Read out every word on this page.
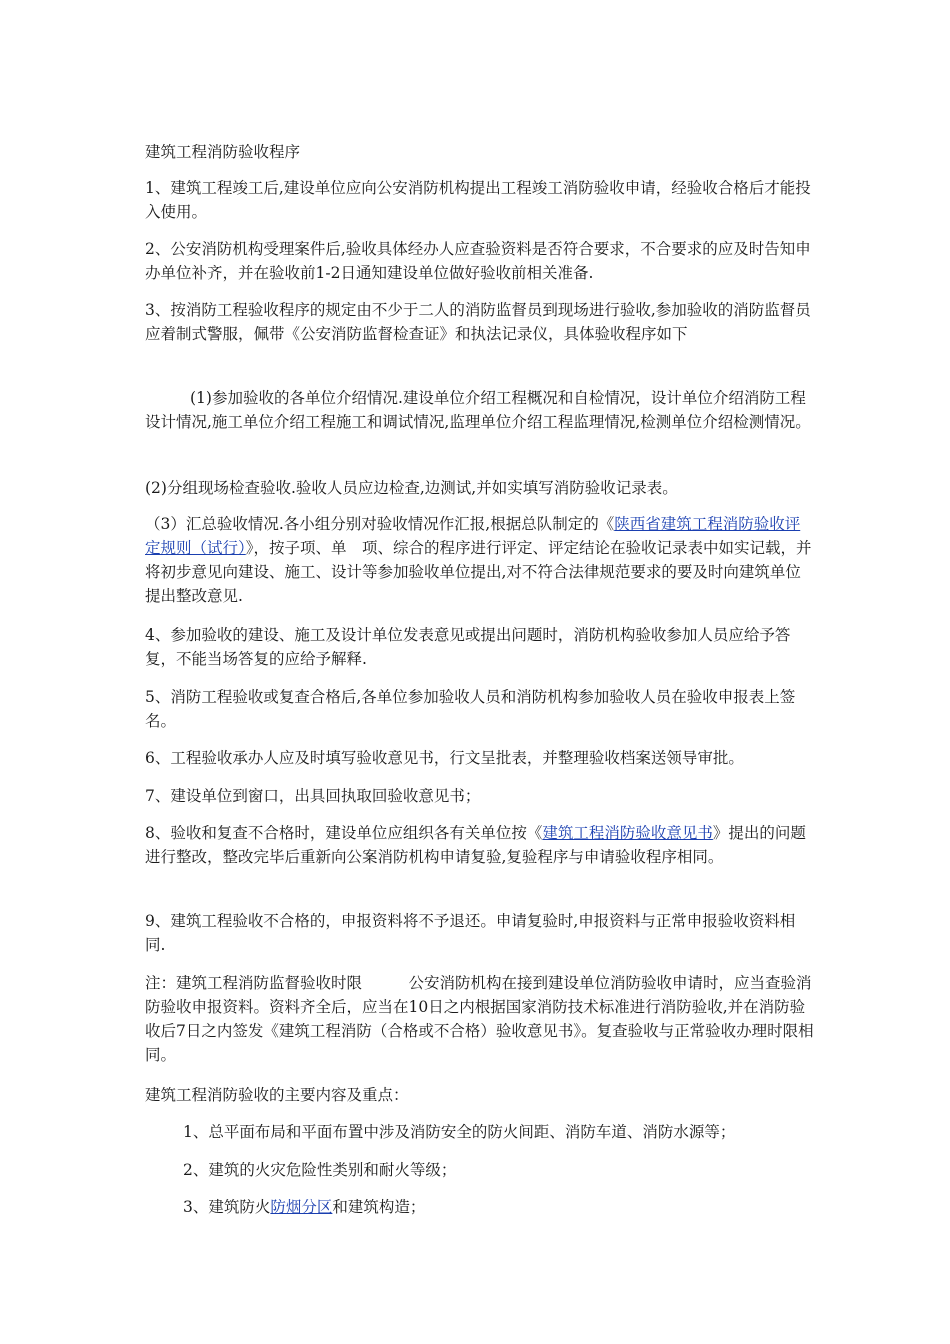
建筑工程消防验收程序

1、建筑工程竣工后,建设单位应向公安消防机构提出工程竣工消防验收申请，经验收合格后才能投入使用。

2、公安消防机构受理案件后,验收具体经办人应查验资料是否符合要求，不合要求的应及时告知申办单位补齐，并在验收前1-2日通知建设单位做好验收前相关准备.

3、按消防工程验收程序的规定由不少于二人的消防监督员到现场进行验收,参加验收的消防监督员应着制式警服，佩带《公安消防监督检查证》和执法记录仪，具体验收程序如下

(1)参加验收的各单位介绍情况.建设单位介绍工程概况和自检情况，设计单位介绍消防工程设计情况,施工单位介绍工程施工和调试情况,监理单位介绍工程监理情况,检测单位介绍检测情况。

(2)分组现场检查验收.验收人员应边检查,边测试,并如实填写消防验收记录表。

（3）汇总验收情况.各小组分别对验收情况作汇报,根据总队制定的《陕西省建筑工程消防验收评定规则（试行）》，按子项、单　项、综合的程序进行评定、评定结论在验收记录表中如实记载，并将初步意见向建设、施工、设计等参加验收单位提出,对不符合法律规范要求的要及时向建筑单位提出整改意见.

4、参加验收的建设、施工及设计单位发表意见或提出问题时，消防机构验收参加人员应给予答复，不能当场答复的应给予解释.

5、消防工程验收或复查合格后,各单位参加验收人员和消防机构参加验收人员在验收申报表上签名。

6、工程验收承办人应及时填写验收意见书，行文呈批表，并整理验收档案送领导审批。

7、建设单位到窗口，出具回执取回验收意见书；

8、验收和复查不合格时，建设单位应组织各有关单位按《建筑工程消防验收意见书》提出的问题进行整改，整改完毕后重新向公案消防机构申请复验,复验程序与申请验收程序相同。

9、建筑工程验收不合格的，申报资料将不予退还。申请复验时,申报资料与正常申报验收资料相同.

注：建筑工程消防监督验收时限　　　公安消防机构在接到建设单位消防验收申请时，应当查验消防验收申报资料。资料齐全后，应当在10日之内根据国家消防技术标准进行消防验收,并在消防验收后7日之内签发《建筑工程消防（合格或不合格）验收意见书》。复查验收与正常验收办理时限相同。

建筑工程消防验收的主要内容及重点：

1、总平面布局和平面布置中涉及消防安全的防火间距、消防车道、消防水源等；

2、建筑的火灾危险性类别和耐火等级；

3、建筑防火防烟分区和建筑构造；
